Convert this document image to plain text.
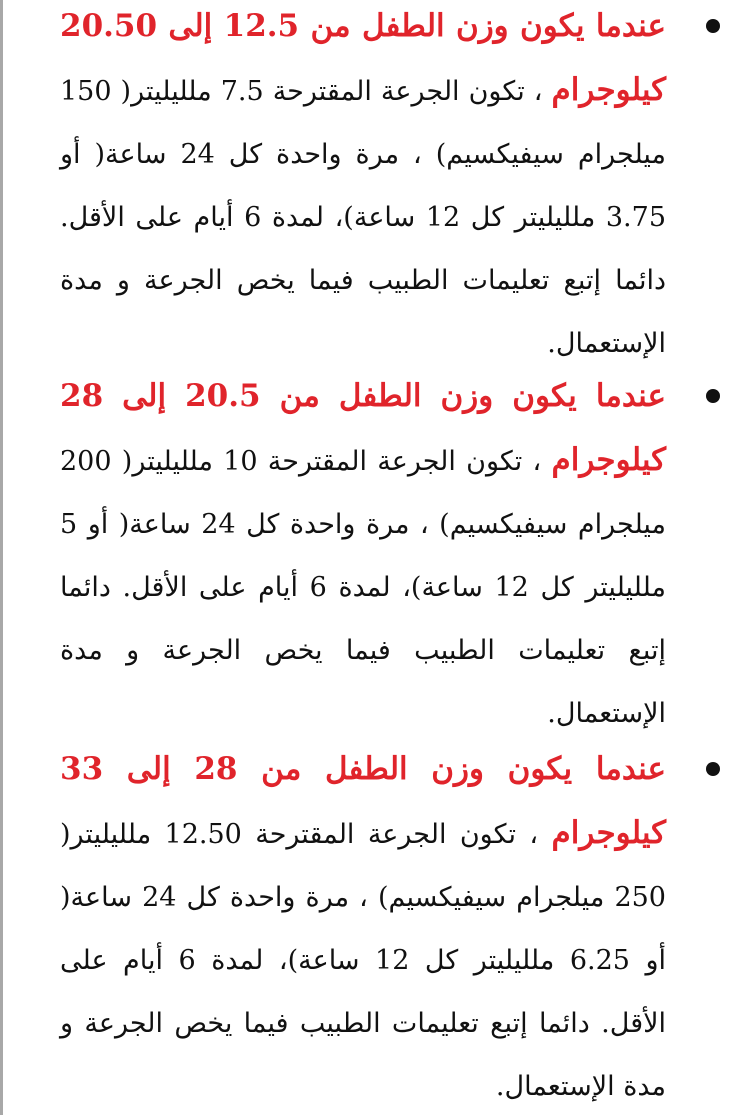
عندما يكون وزن الطفل من 12.5 إلى 20.50 كيلوجرام ، تكون الجرعة المقترحة 7.5 ملليليتر( 150 ميلجرام سيفيكسيم) ، مرة واحدة كل 24 ساعة( أو 3.75 ملليليتر كل 12 ساعة)، لمدة 6 أيام على الأقل. دائما إتبع تعليمات الطبيب فيما يخص الجرعة و مدة الإستعمال.
عندما يكون وزن الطفل من 20.5 إلى 28 كيلوجرام ، تكون الجرعة المقترحة 10 ملليليتر( 200 ميلجرام سيفيكسيم) ، مرة واحدة كل 24 ساعة( أو 5 ملليليتر كل 12 ساعة)، لمدة 6 أيام على الأقل. دائما إتبع تعليمات الطبيب فيما يخص الجرعة و مدة الإستعمال.
عندما يكون وزن الطفل من 28 إلى 33 كيلوجرام ، تكون الجرعة المقترحة 12.50 ملليليتر( 250 ميلجرام سيفيكسيم) ، مرة واحدة كل 24 ساعة( أو 6.25 ملليليتر كل 12 ساعة)، لمدة 6 أيام على الأقل. دائما إتبع تعليمات الطبيب فيما يخص الجرعة و مدة الإستعمال.
